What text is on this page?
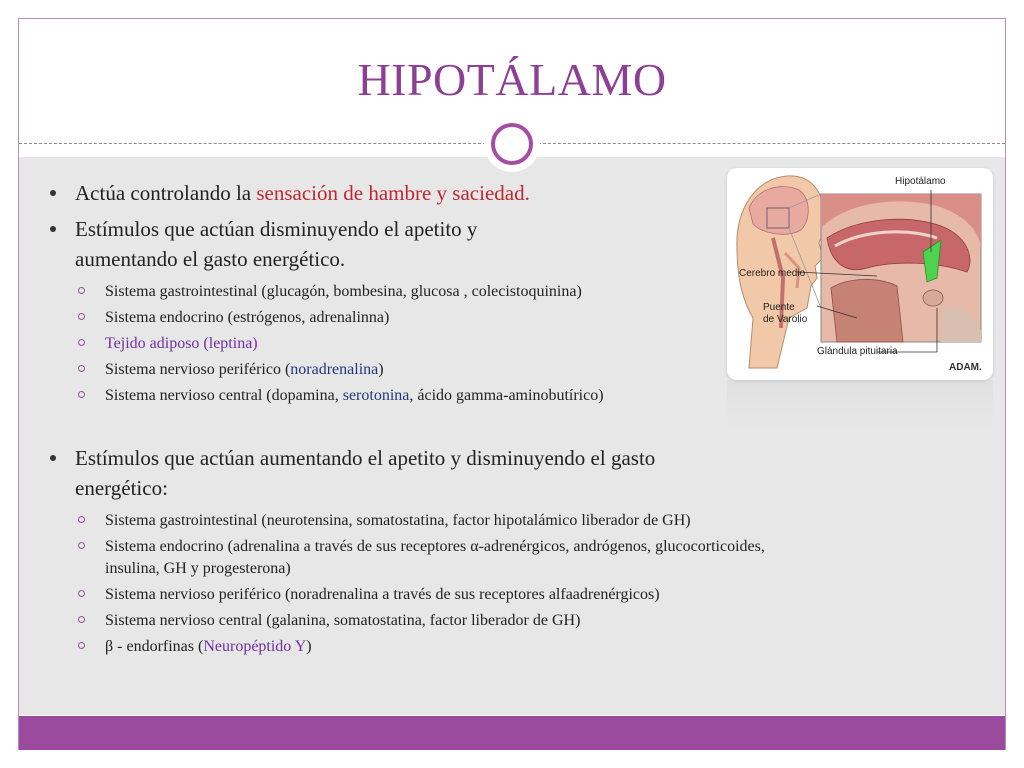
HIPOTÁLAMO
Actúa controlando la sensación de hambre y saciedad.
Estímulos que actúan disminuyendo el apetito y
aumentando el gasto energético.
Sistema gastrointestinal (glucagón, bombesina, glucosa , colecistoquinina)
Sistema endocrino (estrógenos, adrenalinna)
Tejido adiposo (leptina)
Sistema nervioso periférico (noradrenalina)
Sistema nervioso central (dopamina, serotonina, ácido gamma-aminobutírico)
Estímulos que actúan aumentando el apetito y disminuyendo el gasto
energético:
Sistema gastrointestinal (neurotensina, somatostatina, factor hipotalámico liberador de GH)
Sistema endocrino (adrenalina a través de sus receptores α-adrenérgicos, andrógenos, glucocorticoides,
insulina, GH y progesterona)
Sistema nervioso periférico (noradrenalina a través de sus receptores alfaadrenérgicos)
Sistema nervioso central (galanina, somatostatina, factor liberador de GH)
β - endorfinas (Neuropéptido Y)
Hipotálamo
Cerebro medio
Puente
de Varolio
Glándula pituitaria
ADAM.
